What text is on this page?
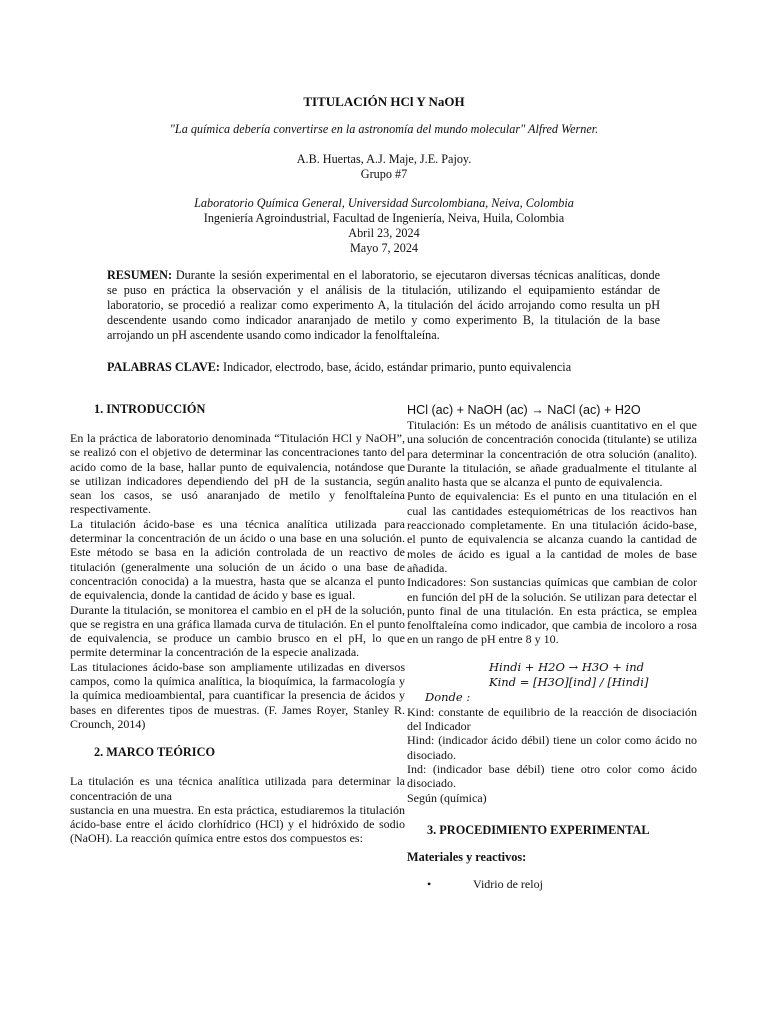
TITULACIÓN HCl Y NaOH
"La química debería convertirse en la astronomía del mundo molecular" Alfred Werner.
A.B. Huertas, A.J. Maje, J.E. Pajoy.
Grupo #7
Laboratorio Química General, Universidad Surcolombiana, Neiva, Colombia
Ingeniería Agroindustrial, Facultad de Ingeniería, Neiva, Huila, Colombia
Abril 23, 2024
Mayo 7, 2024
RESUMEN: Durante la sesión experimental en el laboratorio, se ejecutaron diversas técnicas analíticas, donde se puso en práctica la observación y el análisis de la titulación, utilizando el equipamiento estándar de laboratorio, se procedió a realizar como experimento A, la titulación del ácido arrojando como resulta un pH descendente usando como indicador anaranjado de metilo y como experimento B, la titulación de la base arrojando un pH ascendente usando como indicador la fenolftaleína.
PALABRAS CLAVE: Indicador, electrodo, base, ácido, estándar primario, punto equivalencia
1. INTRODUCCIÓN

En la práctica de laboratorio denominada “Titulación HCl y NaOH”, se realizó con el objetivo de determinar las concentraciones tanto del acido como de la base, hallar punto de equivalencia, notándose que se utilizan indicadores dependiendo del pH de la sustancia, según sean los casos, se usó anaranjado de metilo y fenolftaleína respectivamente.

La titulación ácido-base es una técnica analítica utilizada para determinar la concentración de un ácido o una base en una solución. Este método se basa en la adición controlada de un reactivo de titulación (generalmente una solución de un ácido o una base de concentración conocida) a la muestra, hasta que se alcanza el punto de equivalencia, donde la cantidad de ácido y base es igual.

Durante la titulación, se monitorea el cambio en el pH de la solución, que se registra en una gráfica llamada curva de titulación. En el punto de equivalencia, se produce un cambio brusco en el pH, lo que permite determinar la concentración de la especie analizada.

Las titulaciones ácido-base son ampliamente utilizadas en diversos campos, como la química analítica, la bioquímica, la farmacología y la química medioambiental, para cuantificar la presencia de ácidos y bases en diferentes tipos de muestras. (F. James Royer, Stanley R. Crounch, 2014)

2. MARCO TEÓRICO

La titulación es una técnica analítica utilizada para determinar la concentración de una

sustancia en una muestra. En esta práctica, estudiaremos la titulación ácido-base entre el ácido clorhídrico (HCl) y el hidróxido de sodio (NaOH). La reacción química entre estos dos compuestos es:

HCl (ac) + NaOH (ac) → NaCl (ac) + H2O

Titulación: Es un método de análisis cuantitativo en el que una solución de concentración conocida (titulante) se utiliza para determinar la concentración de otra solución (analito). Durante la titulación, se añade gradualmente el titulante al analito hasta que se alcanza el punto de equivalencia.

Punto de equivalencia: Es el punto en una titulación en el cual las cantidades estequiométricas de los reactivos han reaccionado completamente. En una titulación ácido-base, el punto de equivalencia se alcanza cuando la cantidad de moles de ácido es igual a la cantidad de moles de base añadida.

Indicadores: Son sustancias químicas que cambian de color en función del pH de la solución. Se utilizan para detectar el punto final de una titulación. En esta práctica, se emplea fenolftaleína como indicador, que cambia de incoloro a rosa en un rango de pH entre 8 y 10.

Hindi + H2O → H3O + ind
Kind = [H3O][ind] / [Hindi]
Donde :

Kind: constante de equilibrio de la reacción de disociación del Indicador

Hind: (indicador ácido débil) tiene un color como ácido no disociado.

Ind: (indicador base débil) tiene otro color como ácido disociado.

Según (química)

3. PROCEDIMIENTO EXPERIMENTAL
Materiales y reactivos:
•	Vidrio de reloj
